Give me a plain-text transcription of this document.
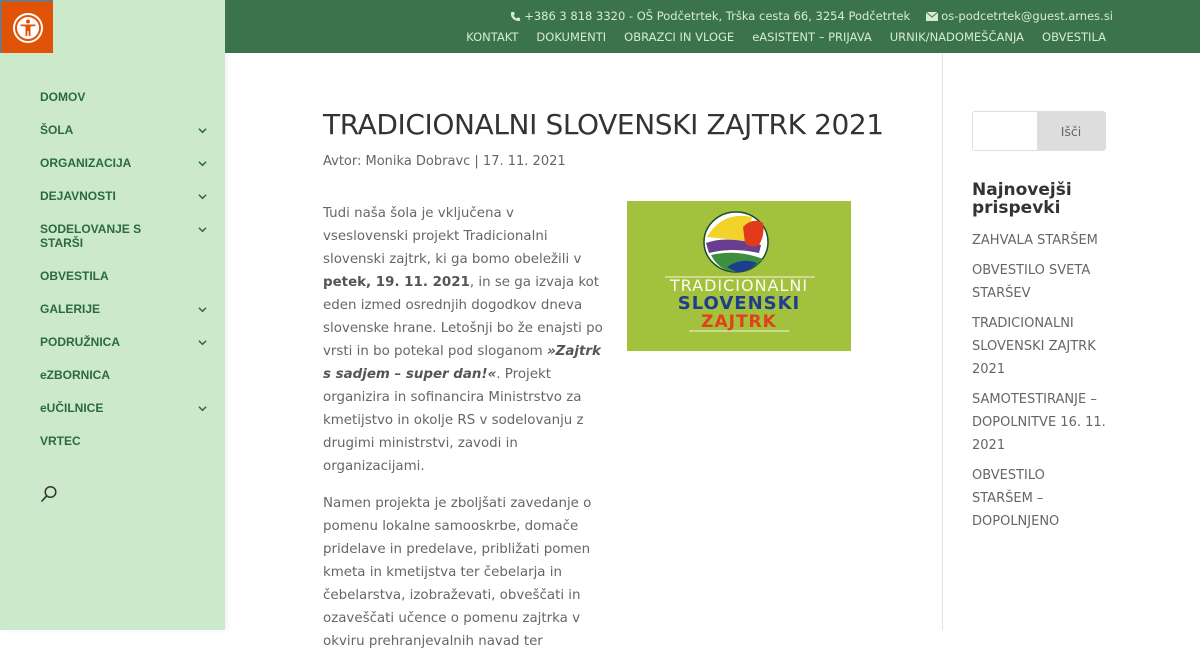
DOMOV
ŠOLA
ORGANIZACIJA
DEJAVNOSTI
SODELOVANJE S STARŠI
OBVESTILA
GALERIJE
PODRUŽNICA
eZBORNICA
eUČILNICE
VRTEC
+386 3 818 3320 - OŠ Podčetrtek, Trška cesta 66, 3254 Podčetrtek	os-podcetrtek@guest.arnes.si
KONTAKT DOKUMENTI OBRAZCI IN VLOGE eASISTENT – PRIJAVA URNIK/NADOMEŠČANJA OBVESTILA
TRADICIONALNI SLOVENSKI ZAJTRK 2021
Avtor: Monika Dobravc | 17. 11. 2021

Tudi naša šola je vključena v vseslovenski projekt Tradicionalni slovenski zajtrk, ki ga bomo obeležili v petek, 19. 11. 2021, in se ga izvaja kot eden izmed osrednjih dogodkov dneva slovenske hrane. Letošnji bo že enajsti po vrsti in bo potekal pod sloganom »Zajtrk s sadjem – super dan!«. Projekt organizira in sofinancira Ministrstvo za kmetijstvo in okolje RS v sodelovanju z drugimi ministrstvi, zavodi in organizacijami.

Namen projekta je zboljšati zavedanje o pomenu lokalne samooskrbe, domače pridelave in predelave, približati pomen kmeta in kmetijstva ter čebelarja in čebelarstva, izobraževati, obveščati in ozaveščati učence o pomenu zajtrka v okviru prehranjevalnih navad ter

TRADICIONALNI
SLOVENSKI
ZAJTRK
Išči
Najnovejši prispevki
ZAHVALA STARŠEM
OBVESTILO SVETA STARŠEV
TRADICIONALNI SLOVENSKI ZAJTRK 2021
SAMOTESTIRANJE – DOPOLNITVE 16. 11. 2021
OBVESTILO STARŠEM – DOPOLNJENO
